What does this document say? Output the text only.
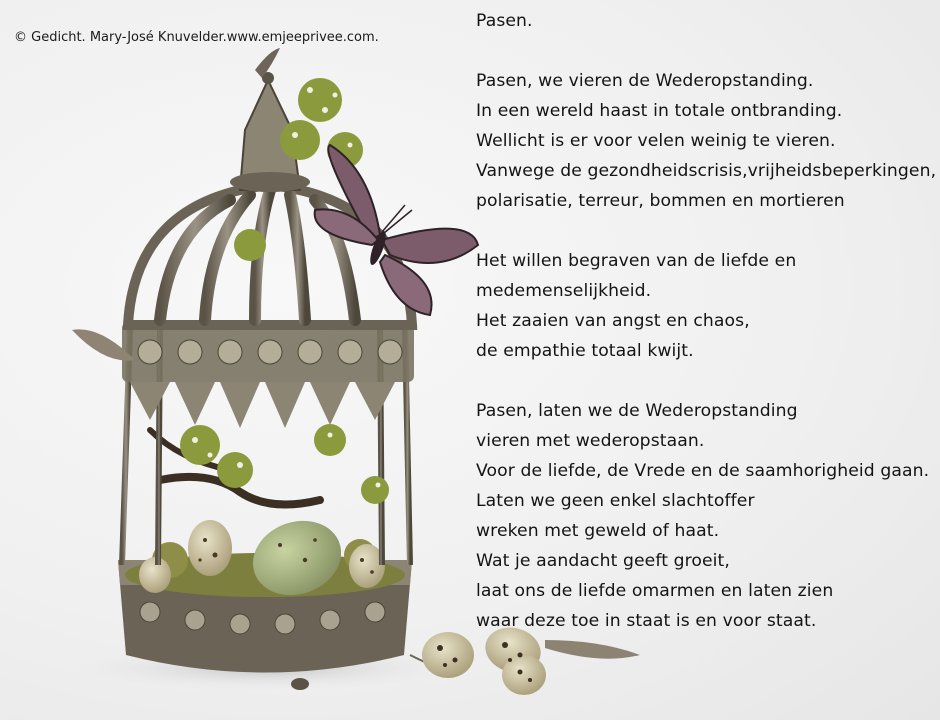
© Gedicht. Mary-José Knuvelder.www.emjeeprivee.com.
Pasen.
Pasen, we vieren de Wederopstanding.
In een wereld haast in totale ontbranding.
Wellicht is er voor velen weinig te vieren.
Vanwege de gezondheidscrisis,vrijheidsbeperkingen,
polarisatie, terreur, bommen en mortieren
Het willen begraven van de liefde en
medemenselijkheid.
Het zaaien van angst en chaos,
de empathie totaal kwijt.
Pasen, laten we de Wederopstanding
vieren met wederopstaan.
Voor de liefde, de Vrede en de saamhorigheid gaan.
Laten we geen enkel slachtoffer
wreken met geweld of haat.
Wat je aandacht geeft groeit,
laat ons de liefde omarmen en laten zien
waar deze toe in staat is en voor staat.
